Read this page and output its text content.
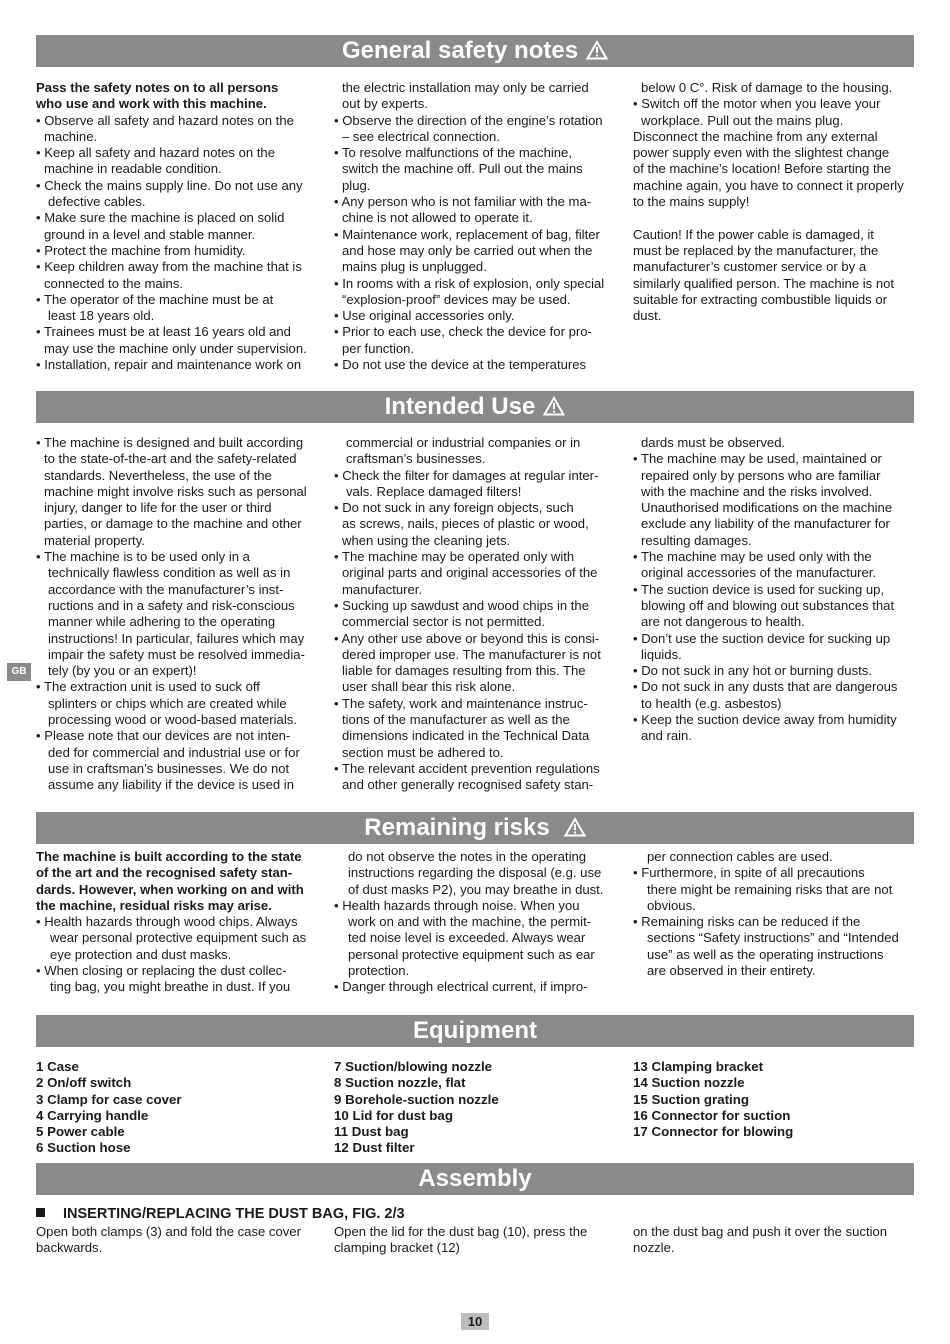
General safety notes
Intended Use
Remaining risks
Equipment
Assembly

Pass the safety notes on to all persons

who use and work with this machine.

• Observe all safety and hazard notes on the

machine.

• Keep all safety and hazard notes on the

machine in readable condition.

• Check the mains supply line. Do not use any

defective cables.

• Make sure the machine is placed on solid

ground in a level and stable manner.

• Protect the machine from humidity.

• Keep children away from the machine that is

connected to the mains.

• The operator of the machine must be at

least 18 years old.

• Trainees must be at least 16 years old and

may use the machine only under supervision.

• Installation, repair and maintenance work on

the electric installation may only be carried

out by experts.

• Observe the direction of the engine’s rotation

– see electrical connection.

• To resolve malfunctions of the machine,

switch the machine off. Pull out the mains

plug.

• Any person who is not familiar with the ma-

chine is not allowed to operate it.

• Maintenance work, replacement of bag, filter

and hose may only be carried out when the

mains plug is unplugged.

• In rooms with a risk of explosion, only special

“explosion-proof” devices may be used.

• Use original accessories only.

• Prior to each use, check the device for pro-

per function.

• Do not use the device at the temperatures

below 0 C°. Risk of damage to the housing.

• Switch off the motor when you leave your

workplace. Pull out the mains plug.

Disconnect the machine from any external

power supply even with the slightest change

of the machine’s location! Before starting the

machine again, you have to connect it properly

to the mains supply!

Caution! If the power cable is damaged, it

must be replaced by the manufacturer, the

manufacturer’s customer service or by a

similarly qualified person. The machine is not

suitable for extracting combustible liquids or

dust.

• The machine is designed and built according

to the state-of-the-art and the safety-related

standards. Nevertheless, the use of the

machine might involve risks such as personal

injury, danger to life for the user or third

parties, or damage to the machine and other

material property.

• The machine is to be used only in a

technically flawless condition as well as in

accordance with the manufacturer’s inst-

ructions and in a safety and risk-conscious

manner while adhering to the operating

instructions! In particular, failures which may

impair the safety must be resolved immedia-

tely (by you or an expert)!

• The extraction unit is used to suck off

splinters or chips which are created while

processing wood or wood-based materials.

• Please note that our devices are not inten-

ded for commercial and industrial use or for

use in craftsman’s businesses. We do not

assume any liability if the device is used in

commercial or industrial companies or in

craftsman’s businesses.

• Check the filter for damages at regular inter-

vals. Replace damaged filters!

• Do not suck in any foreign objects, such

as screws, nails, pieces of plastic or wood,

when using the cleaning jets.

• The machine may be operated only with

original parts and original accessories of the

manufacturer.

• Sucking up sawdust and wood chips in the

commercial sector is not permitted.

• Any other use above or beyond this is consi-

dered improper use. The manufacturer is not

liable for damages resulting from this. The

user shall bear this risk alone.

• The safety, work and maintenance instruc-

tions of the manufacturer as well as the

dimensions indicated in the Technical Data

section must be adhered to.

• The relevant accident prevention regulations

and other generally recognised safety stan-

dards must be observed.

• The machine may be used, maintained or

repaired only by persons who are familiar

with the machine and the risks involved.

Unauthorised modifications on the machine

exclude any liability of the manufacturer for

resulting damages.

• The machine may be used only with the

original accessories of the manufacturer.

• The suction device is used for sucking up,

blowing off and blowing out substances that

are not dangerous to health.

• Don’t use the suction device for sucking up

liquids.

• Do not suck in any hot or burning dusts.

• Do not suck in any dusts that are dangerous

to health (e.g. asbestos)

• Keep the suction device away from humidity

and rain.

GB

The machine is built according to the state

of the art and the recognised safety stan-

dards. However, when working on and with

the machine, residual risks may arise.

• Health hazards through wood chips. Always

wear personal protective equipment such as

eye protection and dust masks.

• When closing or replacing the dust collec-

ting bag, you might breathe in dust. If you

do not observe the notes in the operating

instructions regarding the disposal (e.g. use

of dust masks P2), you may breathe in dust.

• Health hazards through noise. When you

work on and with the machine, the permit-

ted noise level is exceeded. Always wear

personal protective equipment such as ear

protection.

• Danger through electrical current, if impro-

per connection cables are used.

• Furthermore, in spite of all precautions

there might be remaining risks that are not

obvious.

• Remaining risks can be reduced if the

sections “Safety instructions” and “Intended

use” as well as the operating instructions

are observed in their entirety.

1 Case
2 On/off switch
3 Clamp for case cover
4 Carrying handle
5 Power cable
6 Suction hose
7 Suction/blowing nozzle
8 Suction nozzle, flat
9 Borehole-suction nozzle
10 Lid for dust bag
11 Dust bag
12 Dust filter
13 Clamping bracket
14 Suction nozzle
15 Suction grating
16 Connector for suction
17 Connector for blowing
INSERTING/REPLACING THE DUST BAG, FIG. 2/3

Open both clamps (3) and fold the case cover

backwards.

Open the lid for the dust bag (10), press the

clamping bracket (12)

on the dust bag and push it over the suction

nozzle.

10
